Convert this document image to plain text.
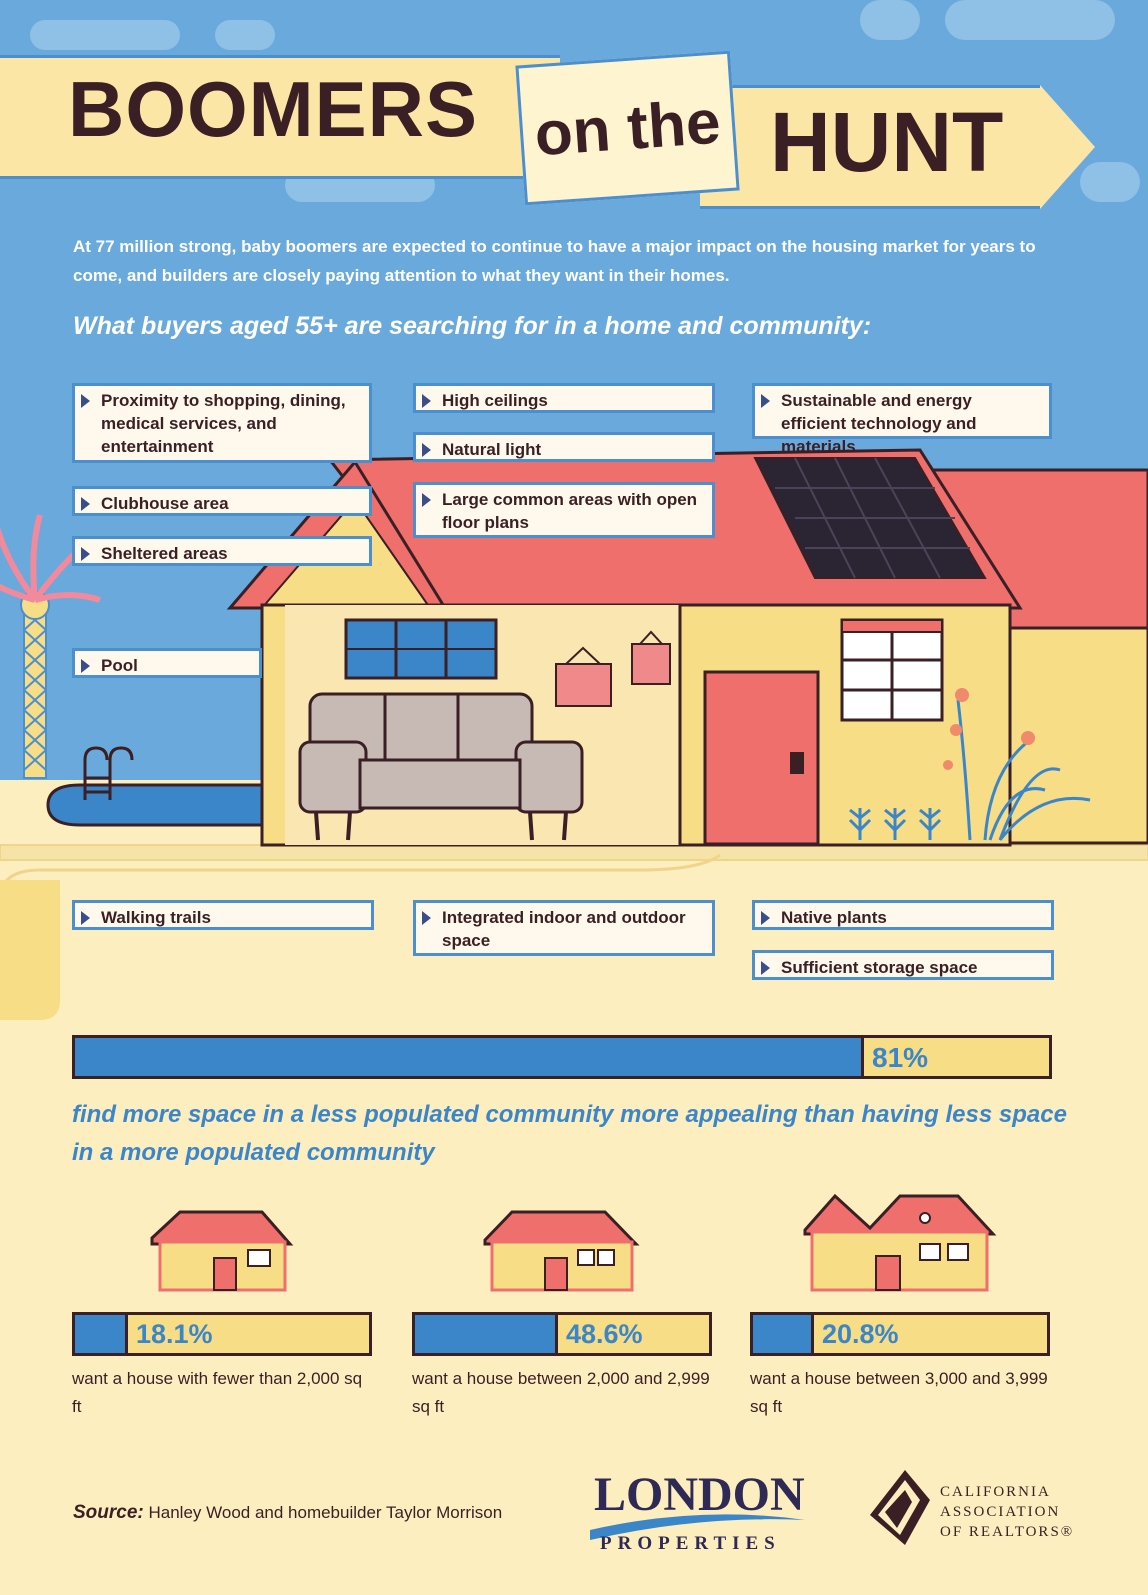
BOOMERS on the HUNT
At 77 million strong, baby boomers are expected to continue to have a major impact on the housing market for years to come, and builders are closely paying attention to what they want in their homes.
What buyers aged 55+ are searching for in a home and community:
Proximity to shopping, dining, medical services, and entertainment
Clubhouse area
Sheltered areas
Pool
High ceilings
Natural light
Large common areas with open floor plans
Sustainable and energy efficient technology and materials
Walking trails	Integrated indoor and outdoor space
Native plants
Sufficient storage space
81%
find more space in a less populated community more appealing than having less space in a more populated community
18.1%	48.6%	20.8%
want a house with fewer than 2,000 sq ft
want a house between 2,000 and 2,999 sq ft
want a house between 3,000 and 3,999 sq ft
Source: Hanley Wood and homebuilder Taylor Morrison LONDON
PROPERTIES
CALIFORNIA
ASSOCIATION
OF REALTORS®
